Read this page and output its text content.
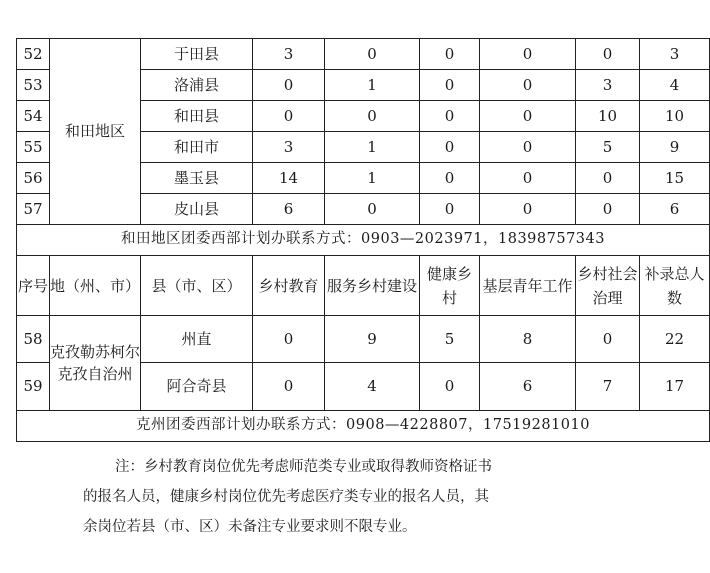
52	和田地区	于田县	3	0	0	0	0	3
53		洛浦县	0	1	0	0	3	4
54		和田县	0	0	0	0	10	10
55		和田市	3	1	0	0	5	9
56		墨玉县	14	1	0	0	0	15
57		皮山县	6	0	0	0	0	6
和田地区团委西部计划办联系方式：0903—2023971，18398757343								
序号	地（州、市）	县（市、区）	乡村教育	服务乡村建设	健康乡村	基层青年工作	乡村社会治理	补录总人数
58	克孜勒苏柯尔克孜自治州	州直	0	9	5	8	0	22
59		阿合奇县	0	4	0	6	7	17
克州团委西部计划办联系方式：0908—4228807，17519281010								

注：乡村教育岗位优先考虑师范类专业或取得教师资格证书

的报名人员，健康乡村岗位优先考虑医疗类专业的报名人员，其

余岗位若县（市、区）未备注专业要求则不限专业。
